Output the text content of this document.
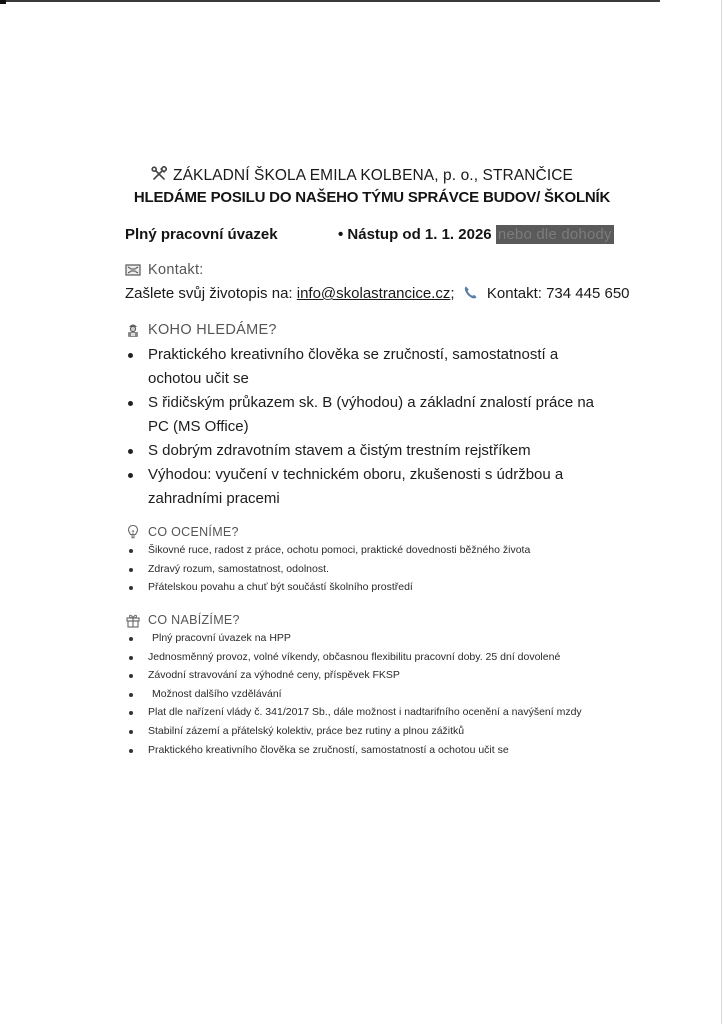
ZÁKLADNÍ ŠKOLA EMILA KOLBENA, p. o., STRANČICE
HLEDÁME POSILU DO NAŠEHO TÝMU SPRÁVCE BUDOV/ ŠKOLNÍK
Plný pracovní úvazek	• Nástup od 1. 1. 2026 nebo dle dohody
Kontakt:
Zašlete svůj životopis na: info@skolastrancice.cz; Kontakt: 734 445 650
KOHO HLEDÁME?
Praktického kreativního člověka se zručností, samostatností a ochotou učit se
S řidičským průkazem sk. B (výhodou) a základní znalostí práce na PC (MS Office)
S dobrým zdravotním stavem a čistým trestním rejstříkem
Výhodou: vyučení v technickém oboru, zkušenosti s údržbou a zahradními pracemi
CO OCENÍME?
Šikovné ruce, radost z práce, ochotu pomoci, praktické dovednosti běžného života
Zdravý rozum, samostatnost, odolnost.
Přátelskou povahu a chuť být součástí školního prostředí
CO NABÍZÍME?
Plný pracovní úvazek na HPP
Jednosměnný provoz, volné víkendy, občasnou flexibilitu pracovní doby. 25 dní dovolené
Závodní stravování za výhodné ceny, příspěvek FKSP
Možnost dalšího vzdělávání
Plat dle nařízení vlády č. 341/2017 Sb., dále možnost i nadtarifního ocenění a navýšení mzdy
Stabilní zázemí a přátelský kolektiv, práce bez rutiny a plnou zážitků
Praktického kreativního člověka se zručností, samostatností a ochotou učit se
